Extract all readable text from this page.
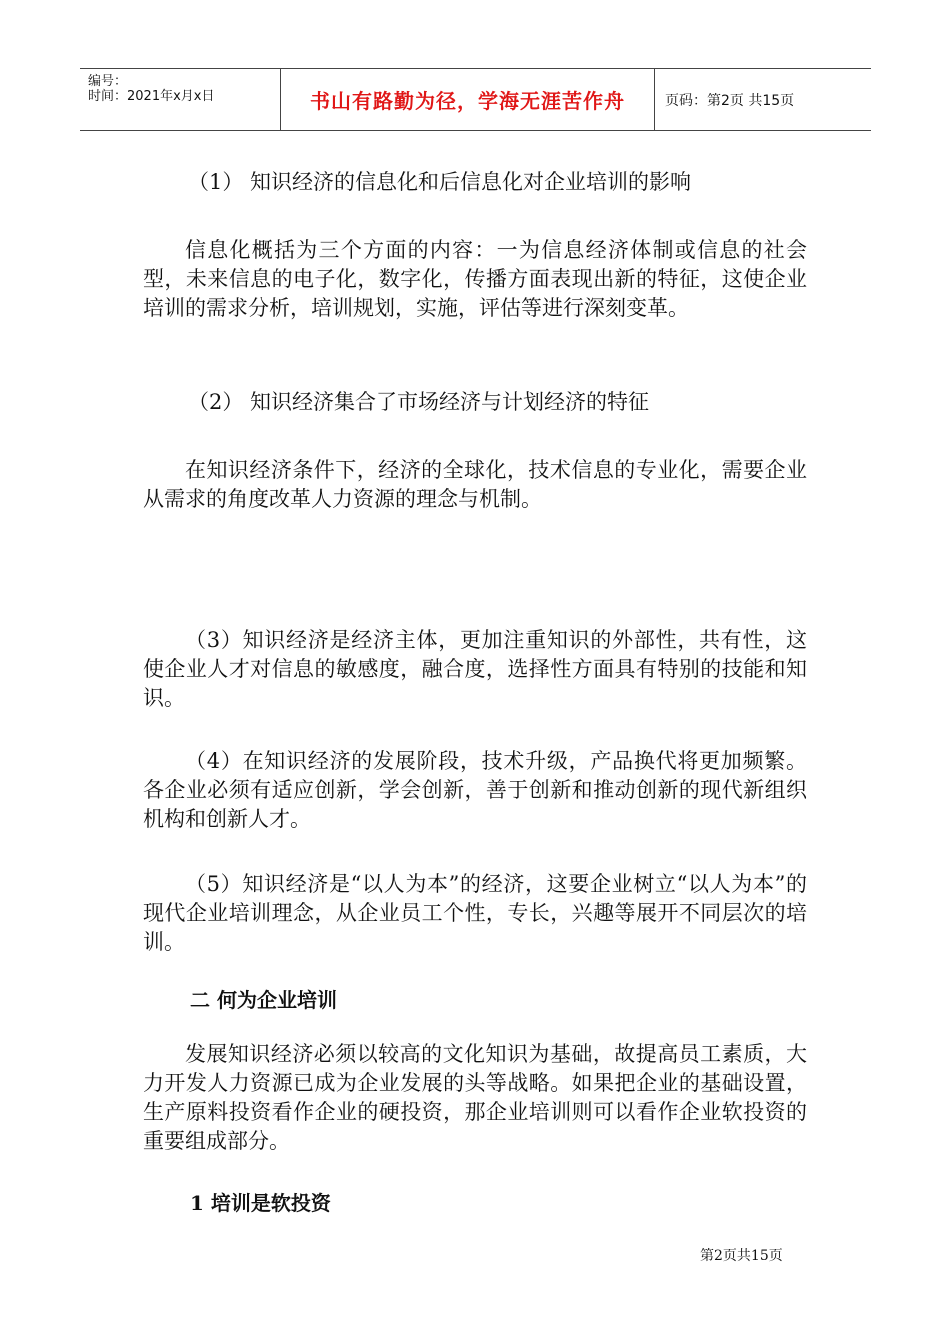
编号：
时间：2021年x月x日	书山有路勤为径，学海无涯苦作舟	页码：第2页 共15页

（1） 知识经济的信息化和后信息化对企业培训的影响

信息化概括为三个方面的内容：一为信息经济体制或信息的社会型，未来信息的电子化，数字化，传播方面表现出新的特征，这使企业培训的需求分析，培训规划，实施，评估等进行深刻变革。

（2） 知识经济集合了市场经济与计划经济的特征

在知识经济条件下，经济的全球化，技术信息的专业化，需要企业从需求的角度改革人力资源的理念与机制。

（3）知识经济是经济主体，更加注重知识的外部性，共有性，这使企业人才对信息的敏感度，融合度，选择性方面具有特别的技能和知识。

（4）在知识经济的发展阶段，技术升级，产品换代将更加频繁。各企业必须有适应创新，学会创新，善于创新和推动创新的现代新组织机构和创新人才。

（5）知识经济是“以人为本”的经济，这要企业树立“以人为本”的现代企业培训理念，从企业员工个性，专长，兴趣等展开不同层次的培训。

二 何为企业培训

发展知识经济必须以较高的文化知识为基础，故提高员工素质，大力开发人力资源已成为企业发展的头等战略。如果把企业的基础设置，生产原料投资看作企业的硬投资，那企业培训则可以看作企业软投资的重要组成部分。

1 培训是软投资

第2页共15页
